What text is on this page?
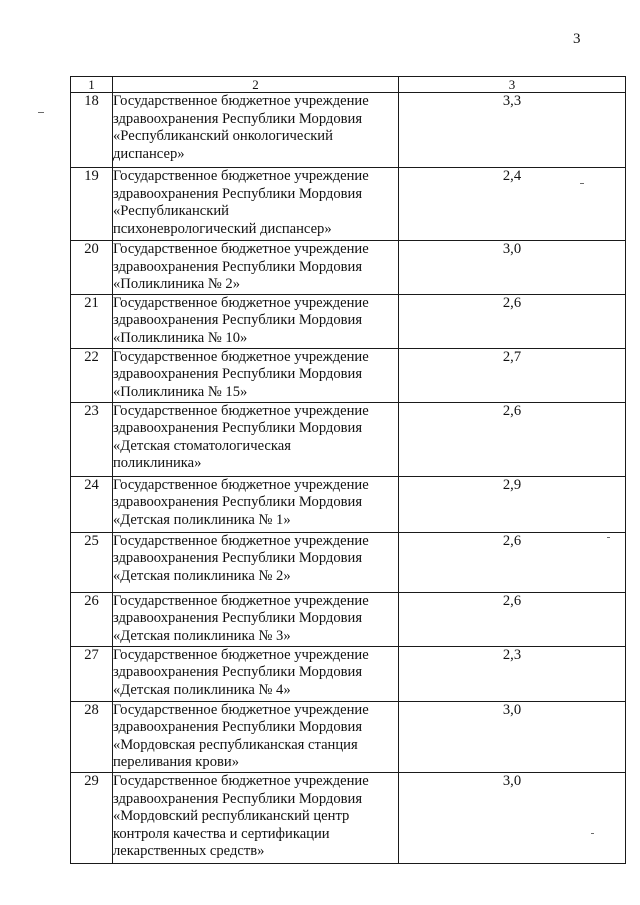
3
1	2	3
18	Государственное бюджетное учреждение
здравоохранения Республики Мордовия
«Республиканский онкологический
диспансер»	3,3
19	Государственное бюджетное учреждение
здравоохранения Республики Мордовия
«Республиканский
психоневрологический диспансер»	2,4
20	Государственное бюджетное учреждение
здравоохранения Республики Мордовия
«Поликлиника № 2»	3,0
21	Государственное бюджетное учреждение
здравоохранения Республики Мордовия
«Поликлиника № 10»	2,6
22	Государственное бюджетное учреждение
здравоохранения Республики Мордовия
«Поликлиника № 15»	2,7
23	Государственное бюджетное учреждение
здравоохранения Республики Мордовия
«Детская стоматологическая
поликлиника»	2,6
24	Государственное бюджетное учреждение
здравоохранения Республики Мордовия
«Детская поликлиника № 1»	2,9
25	Государственное бюджетное учреждение
здравоохранения Республики Мордовия
«Детская поликлиника № 2»	2,6
26	Государственное бюджетное учреждение
здравоохранения Республики Мордовия
«Детская поликлиника № 3»	2,6
27	Государственное бюджетное учреждение
здравоохранения Республики Мордовия
«Детская поликлиника № 4»	2,3
28	Государственное бюджетное учреждение
здравоохранения Республики Мордовия
«Мордовская республиканская станция
переливания крови»	3,0
29	Государственное бюджетное учреждение
здравоохранения Республики Мордовия
«Мордовский республиканский центр
контроля качества и сертификации
лекарственных средств»	3,0
